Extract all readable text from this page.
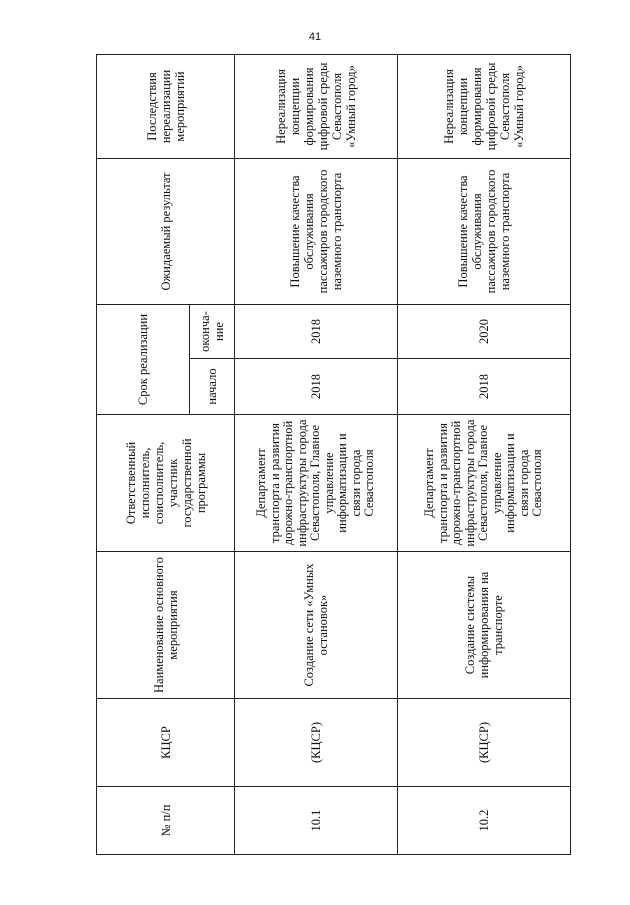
41
№ п/п	КЦСР	Наименование основного мероприятия	Ответственный исполнитель, соисполнитель, участник государственной программы	Срок реализации		Ожидаемый результат	Последствия нереализации мероприятий
				начало	оконча-ние		
10.1	(КЦСР)	Создание сети «Умных остановок»	Департамент транспорта и развития дорожно-транспортной инфраструктуры города Севастополя, Главное управление информатизации и связи города Севастополя	2018	2018	Повышение качества обслуживания пассажиров городского наземного транспорта	Нереализация концепции формирования цифровой среды Севастополя «Умный город»
10.2	(КЦСР)	Создание системы информирования на транспорте	Департамент транспорта и развития дорожно-транспортной инфраструктуры города Севастополя, Главное управление информатизации и связи города Севастополя	2018	2020	Повышение качества обслуживания пассажиров городского наземного транспорта	Нереализация концепции формирования цифровой среды Севастополя «Умный город»
